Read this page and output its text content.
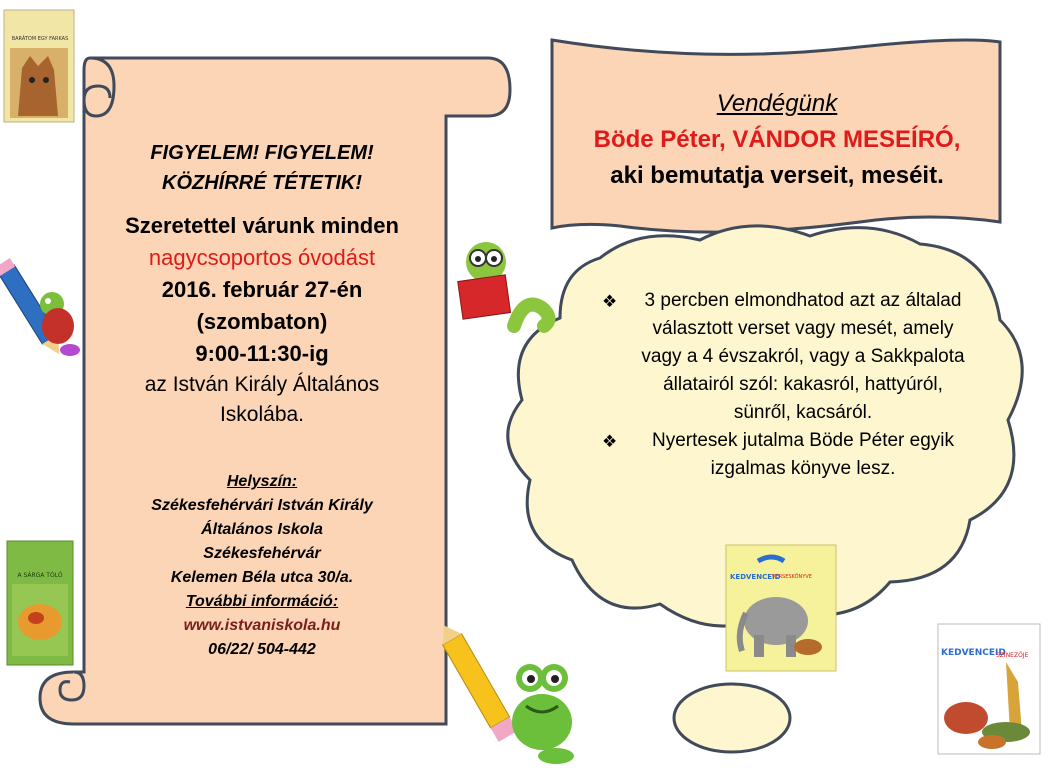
FIGYELEM! FIGYELEM!
KÖZHÍRRÉ TÉTETIK!
Szeretettel várunk minden
nagycsoportos óvodást
2016. február 27-én
(szombaton)
9:00-11:30-ig
az István Király Általános
Iskolába.
Helyszín:
Székesfehérvári István Király
Általános Iskola
Székesfehérvár
Kelemen Béla utca 30/a.
További információ:
www.istvaniskola.hu
06/22/ 504-442
Vendégünk
Böde Péter, VÁNDOR MESEÍRÓ,
aki bemutatja verseit, meséit.
❖ 3 percben elmondhatod azt az általad választott verset vagy mesét, amely vagy a 4 évszakról, vagy a Sakkpalota állatairól szól: kakasról, hattyúról, sünről, kacsáról.
❖ Nyertesek jutalma Böde Péter egyik izgalmas könyve lesz.
BARÁTOM EGY FARKAS
A SÁRGA TÓLÓ	KEDVENCEID
VERSESKÖNYVE
KEDVENCEID
SZÍNEZŐJE
